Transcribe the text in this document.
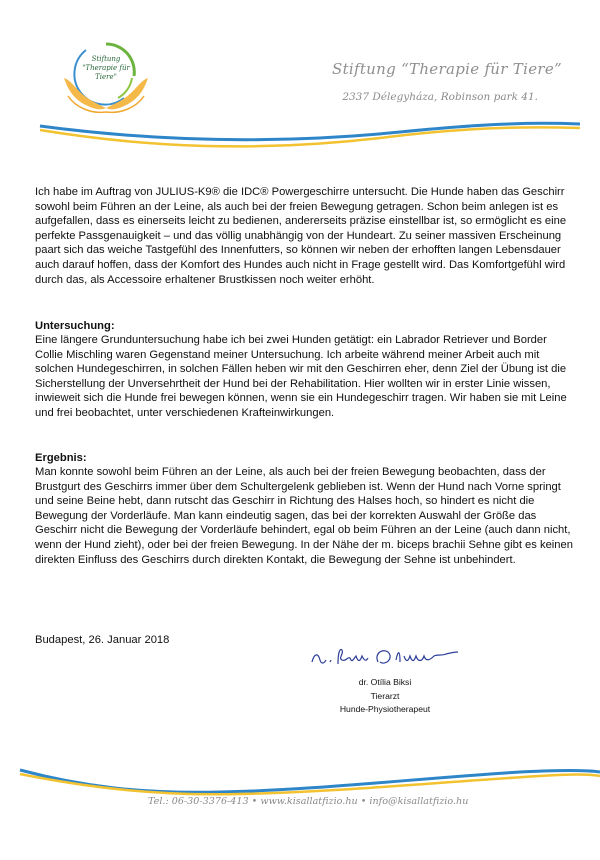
Stiftung
"Therapie für
Tiere"	Stiftung “Therapie für Tiere”
2337 Délegyháza, Robinson park 41.

Ich habe im Auftrag von JULIUS-K9® die IDC® Powergeschirre untersucht. Die Hunde haben das Geschirr sowohl beim Führen an der Leine, als auch bei der freien Bewegung getragen. Schon beim anlegen ist es aufgefallen, dass es einerseits leicht zu bedienen, andererseits präzise einstellbar ist, so ermöglicht es eine perfekte Passgenauigkeit – und das völlig unabhängig von der Hundeart. Zu seiner massiven Erscheinung paart sich das weiche Tastgefühl des Innenfutters, so können wir neben der erhofften langen Lebensdauer auch darauf hoffen, dass der Komfort des Hundes auch nicht in Frage gestellt wird. Das Komfortgefühl wird durch das, als Accessoire erhaltener Brustkissen noch weiter erhöht.

Untersuchung:

Eine längere Grunduntersuchung habe ich bei zwei Hunden getätigt: ein Labrador Retriever und Border Collie Mischling waren Gegenstand meiner Untersuchung. Ich arbeite während meiner Arbeit auch mit solchen Hundegeschirren, in solchen Fällen heben wir mit den Geschirren eher, denn Ziel der Übung ist die Sicherstellung der Unversehrtheit der Hund bei der Rehabilitation. Hier wollten wir in erster Linie wissen, inwieweit sich die Hunde frei bewegen können, wenn sie ein Hundegeschirr tragen. Wir haben sie mit Leine und frei beobachtet, unter verschiedenen Krafteinwirkungen.

Ergebnis:

Man konnte sowohl beim Führen an der Leine, als auch bei der freien Bewegung beobachten, dass der Brustgurt des Geschirrs immer über dem Schultergelenk geblieben ist. Wenn der Hund nach Vorne springt und seine Beine hebt, dann rutscht das Geschirr in Richtung des Halses hoch, so hindert es nicht die Bewegung der Vorderläufe. Man kann eindeutig sagen, das bei der korrekten Auswahl der Größe das Geschirr nicht die Bewegung der Vorderläufe behindert, egal ob beim Führen an der Leine (auch dann nicht, wenn der Hund zieht), oder bei der freien Bewegung. In der Nähe der m. biceps brachii Sehne gibt es keinen direkten Einfluss des Geschirrs durch direkten Kontakt, die Bewegung der Sehne ist unbehindert.

Budapest, 26. Januar 2018
dr. Otília Biksi
Tierarzt
Hunde-Physiotherapeut
Tel.: 06-30-3376-413 • www.kisallatfizio.hu • info@kisallatfizio.hu
